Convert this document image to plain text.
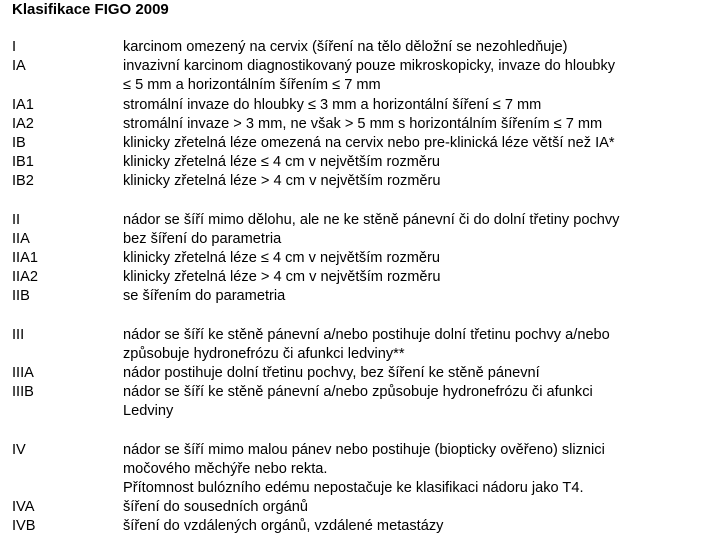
Klasifikace FIGO 2009
I	karcinom omezený na cervix (šíření na tělo děložní se nezohledňuje)
IA	invazivní karcinom diagnostikovaný pouze mikroskopicky, invaze do hloubky
≤ 5 mm a horizontálním šířením ≤ 7 mm
IA1	stromální invaze do hloubky ≤ 3 mm a horizontální šíření ≤ 7 mm
IA2	stromální invaze > 3 mm, ne však > 5 mm s horizontálním šířením ≤ 7 mm
IB	klinicky zřetelná léze omezená na cervix nebo pre-klinická léze větší než IA*
IB1	klinicky zřetelná léze ≤ 4 cm v největším rozměru
IB2	klinicky zřetelná léze > 4 cm v největším rozměru
II	nádor se šíří mimo dělohu, ale ne ke stěně pánevní či do dolní třetiny pochvy
IIA	bez šíření do parametria
IIA1	klinicky zřetelná léze ≤ 4 cm v největším rozměru
IIA2	klinicky zřetelná léze > 4 cm v největším rozměru
IIB	se šířením do parametria
III	nádor se šíří ke stěně pánevní a/nebo postihuje dolní třetinu pochvy a/nebo
způsobuje hydronefrózu či afunkci ledviny**
IIIA	nádor postihuje dolní třetinu pochvy, bez šíření ke stěně pánevní
IIIB	nádor se šíří ke stěně pánevní a/nebo způsobuje hydronefrózu či afunkci
Ledviny
IV	nádor se šíří mimo malou pánev nebo postihuje (biopticky ověřeno) sliznici
močového měchýře nebo rekta.
Přítomnost bulózního edému nepostačuje ke klasifikaci nádoru jako T4.
IVA	šíření do sousedních orgánů
IVB	šíření do vzdálených orgánů, vzdálené metastázy
